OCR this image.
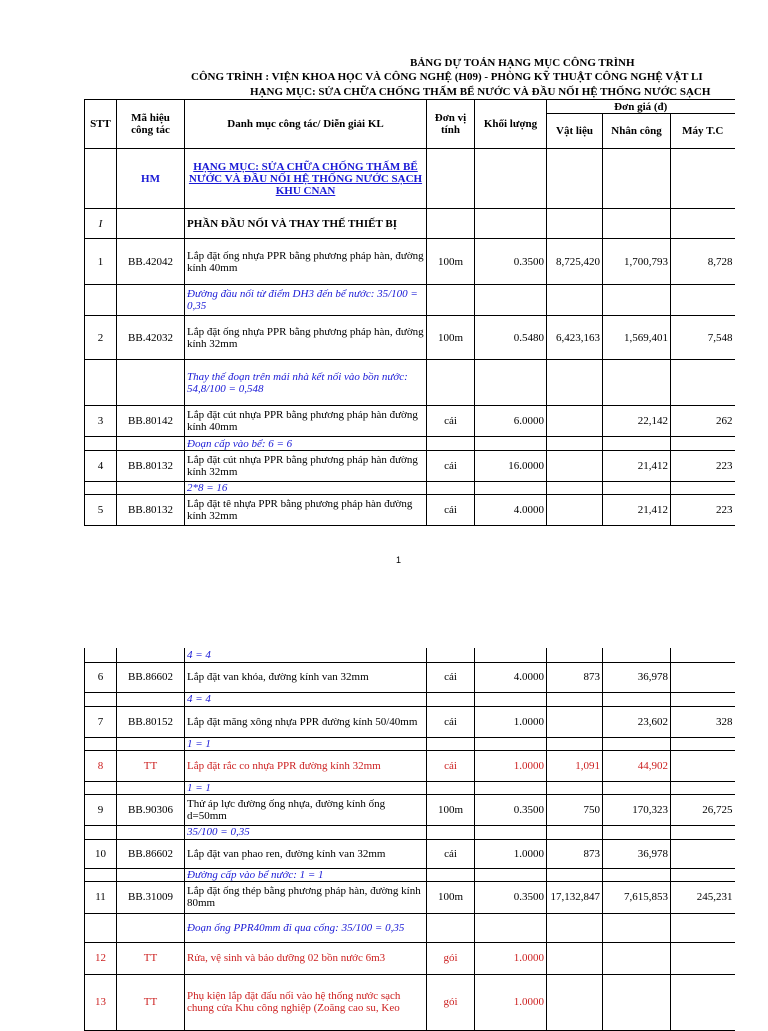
BẢNG DỰ TOÁN HẠNG MỤC CÔNG TRÌNH
CÔNG TRÌNH : VIỆN KHOA HỌC VÀ CÔNG NGHỆ (H09) - PHÒNG KỸ THUẬT CÔNG NGHỆ VẬT LI
HẠNG MỤC: SỬA CHỮA CHỐNG THẤM BỂ NƯỚC VÀ ĐẦU NỐI HỆ THỐNG NƯỚC SẠCH
STT	Mã hiệu công tác	Danh mục công tác/ Diễn giải KL	Đơn vị tính	Khối lượng	Đơn giá (đ)		
					Vật liệu	Nhân công	Máy T.C
	HM	HẠNG MỤC: SỬA CHỮA CHỐNG THẤM BỂ NƯỚC VÀ ĐẦU NỐI HỆ THỐNG NƯỚC SẠCH KHU CNAN					
I		PHẦN ĐẦU NỐI VÀ THAY THẾ THIẾT BỊ					
1	BB.42042	Lắp đặt ống nhựa PPR bằng phương pháp hàn, đường kính 40mm	100m	0.3500	8,725,420	1,700,793	8,728
		Đường đầu nối từ điểm DH3 đến bể nước: 35/100 = 0,35					
2	BB.42032	Lắp đặt ống nhựa PPR bằng phương pháp hàn, đường kính 32mm	100m	0.5480	6,423,163	1,569,401	7,548
		Thay thế đoạn trên mái nhà kết nối vào bồn nước: 54,8/100 = 0,548					
3	BB.80142	Lắp đặt cút nhựa PPR bằng phương pháp hàn đường kính 40mm	cái	6.0000		22,142	262
		Đoạn cấp vào bể: 6 = 6					
4	BB.80132	Lắp đặt cút nhựa PPR bằng phương pháp hàn đường kính 32mm	cái	16.0000		21,412	223
		2*8 = 16					
5	BB.80132	Lắp đặt tê nhựa PPR bằng phương pháp hàn đường kính 32mm	cái	4.0000		21,412	223
1
		4 = 4					
6	BB.86602	Lắp đặt van khóa, đường kính van 32mm	cái	4.0000	873	36,978	
		4 = 4					
7	BB.80152	Lắp đặt măng xông nhựa PPR đường kính 50/40mm	cái	1.0000		23,602	328
		1 = 1					
8	TT	Lắp đặt rắc co nhựa PPR đường kính 32mm	cái	1.0000	1,091	44,902	
		1 = 1					
9	BB.90306	Thử áp lực đường ống nhựa, đường kính ống d=50mm	100m	0.3500	750	170,323	26,725
		35/100 = 0,35					
10	BB.86602	Lắp đặt van phao ren, đường kính van 32mm	cái	1.0000	873	36,978	
		Đường cấp vào bể nước: 1 = 1					
11	BB.31009	Lắp đặt ống thép bằng phương pháp hàn, đường kính 80mm	100m	0.3500	17,132,847	7,615,853	245,231
		Đoạn ống PPR40mm đi qua cống: 35/100 = 0,35					
12	TT	Rửa, vệ sinh và bảo dưỡng 02 bồn nước 6m3	gói	1.0000			
13	TT	Phụ kiện lắp đặt đấu nối vào hệ thống nước sạch chung cửa Khu công nghiệp (Zoăng cao su, Keo	gói	1.0000			
